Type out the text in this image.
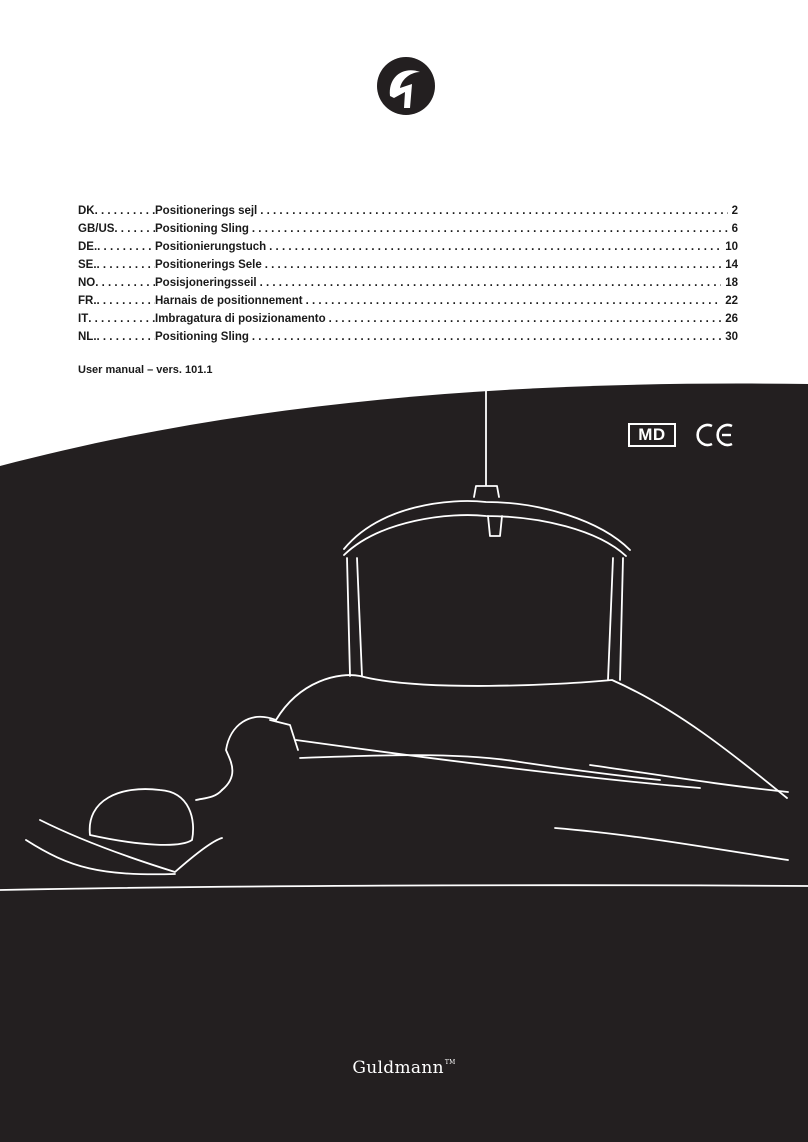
DK . . .	Positionerings sejl . . .	2
GB/US . . .	Positioning Sling . . .	6
DE. . . .	Positionierungstuch . . .	10
SE. . . .	Positionerings Sele . . .	14
NO . . .	Posisjoneringsseil . . .	18
FR. . . .	Harnais de positionnement . . .	22
IT . . .	Imbragatura di posizionamento . . .	26
NL. . . .	Positioning Sling . . .	30
User manual – vers. 101.1
MD
Guldmann™
